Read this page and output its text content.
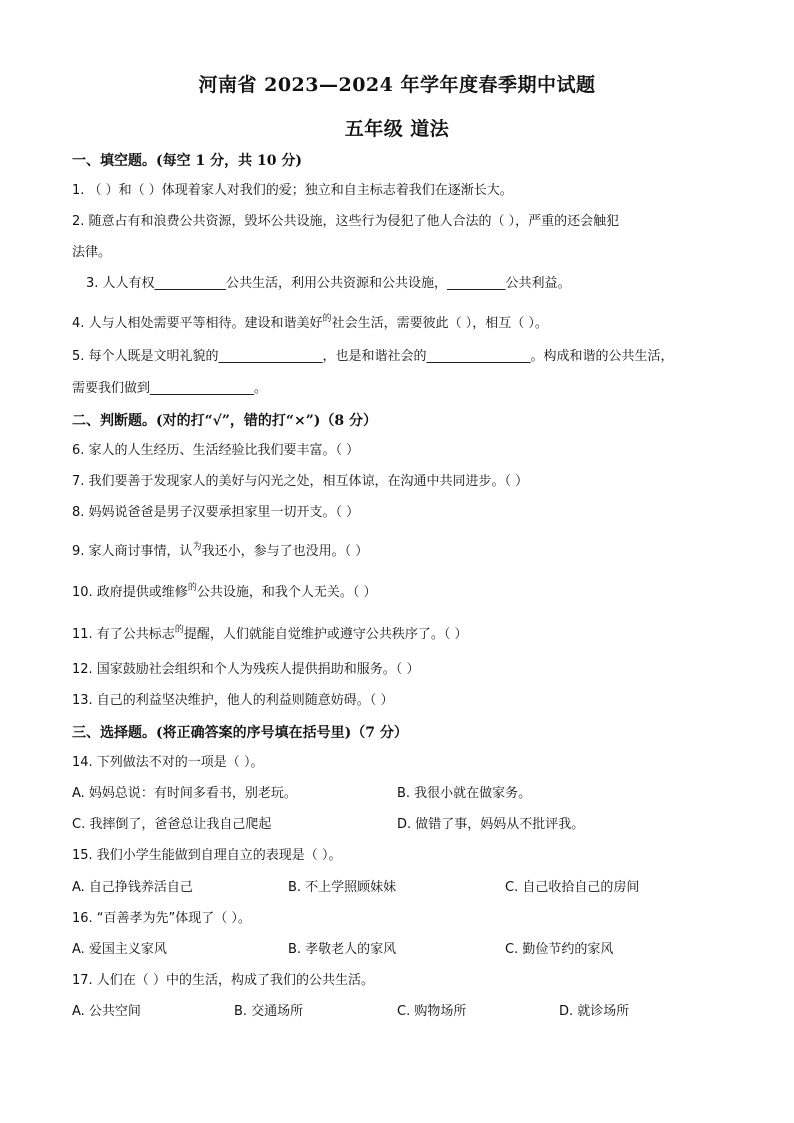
河南省 2023—2024 年学年度春季期中试题
五年级 道法
一、填空题。(每空 1 分，共 10 分)
1. （ ）和（ ）体现着家人对我们的爱；独立和自主标志着我们在逐渐长大。
2. 随意占有和浪费公共资源，毁坏公共设施，这些行为侵犯了他人合法的（ ），严重的还会触犯
法律。
3. 人人有权___________公共生活，利用公共资源和公共设施，_________公共利益。
4. 人与人相处需要平等相待。建设和谐美好$^的$社会生活，需要彼此（ ），相互（ ）。
5. 每个人既是文明礼貌的________________，也是和谐社会的________________。构成和谐的公共生活，
需要我们做到________________。
二、判断题。(对的打“√”，错的打“×”)（8 分）
6. 家人的人生经历、生活经验比我们要丰富。（ ）
7. 我们要善于发现家人的美好与闪光之处，相互体谅，在沟通中共同进步。（ ）
8. 妈妈说爸爸是男子汉要承担家里一切开支。（ ）
9. 家人商讨事情，认$^为$我还小，参与了也没用。（ ）
10. 政府提供或维修$^的$公共设施，和我个人无关。（ ）
11. 有了公共标志$^的$提醒，人们就能自觉维护或遵守公共秩序了。（ ）
12. 国家鼓励社会组织和个人为残疾人提供捐助和服务。（ ）
13. 自己的利益坚决维护，他人的利益则随意妨碍。（ ）
三、选择题。(将正确答案的序号填在括号里)（7 分）
14. 下列做法不对的一项是（ ）。
A. 妈妈总说：有时间多看书，别老玩。	B. 我很小就在做家务。
C. 我摔倒了，爸爸总让我自己爬起	D. 做错了事，妈妈从不批评我。
15. 我们小学生能做到自理自立的表现是（ ）。
A. 自己挣钱养活自己	B. 不上学照顾妹妹	C. 自己收拾自己的房间
16. “百善孝为先”体现了（ ）。
A. 爱国主义家风	B. 孝敬老人的家风	C. 勤俭节约的家风
17. 人们在（ ）中的生活，构成了我们的公共生活。
A. 公共空间	B. 交通场所	C. 购物场所	D. 就诊场所
